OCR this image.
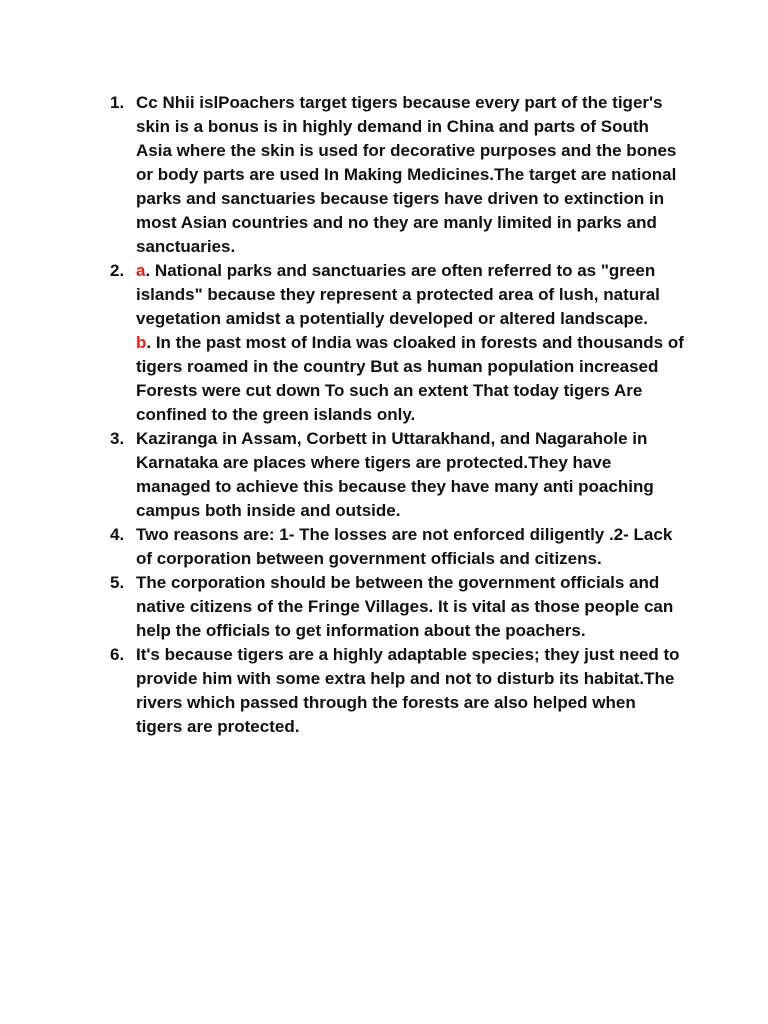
1. Cc Nhii islPoachers target tigers because every part of the tiger's skin is a bonus is in highly demand in China and parts of South Asia where the skin is used for decorative purposes and the bones or body parts are used In Making Medicines.The target are national parks and sanctuaries because tigers have driven to extinction in most Asian countries and no they are manly limited in parks and sanctuaries.
2. a. National parks and sanctuaries are often referred to as "green islands" because they represent a protected area of lush, natural vegetation amidst a potentially developed or altered landscape.
b. In the past most of India was cloaked in forests and thousands of tigers roamed in the country But as human population increased Forests were cut down To such an extent That today tigers Are confined to the green islands only.
3. Kaziranga in Assam, Corbett in Uttarakhand, and Nagarahole in Karnataka are places where tigers are protected.They have managed to achieve this because they have many anti poaching campus both inside and outside.
4. Two reasons are: 1- The losses are not enforced diligently .2- Lack of corporation between government officials and citizens.
5. The corporation should be between the government officials and native citizens of the Fringe Villages. It is vital as those people can help the officials to get information about the poachers.
6. It's because tigers are a highly adaptable species; they just need to provide him with some extra help and not to disturb its habitat.The rivers which passed through the forests are also helped when tigers are protected.
